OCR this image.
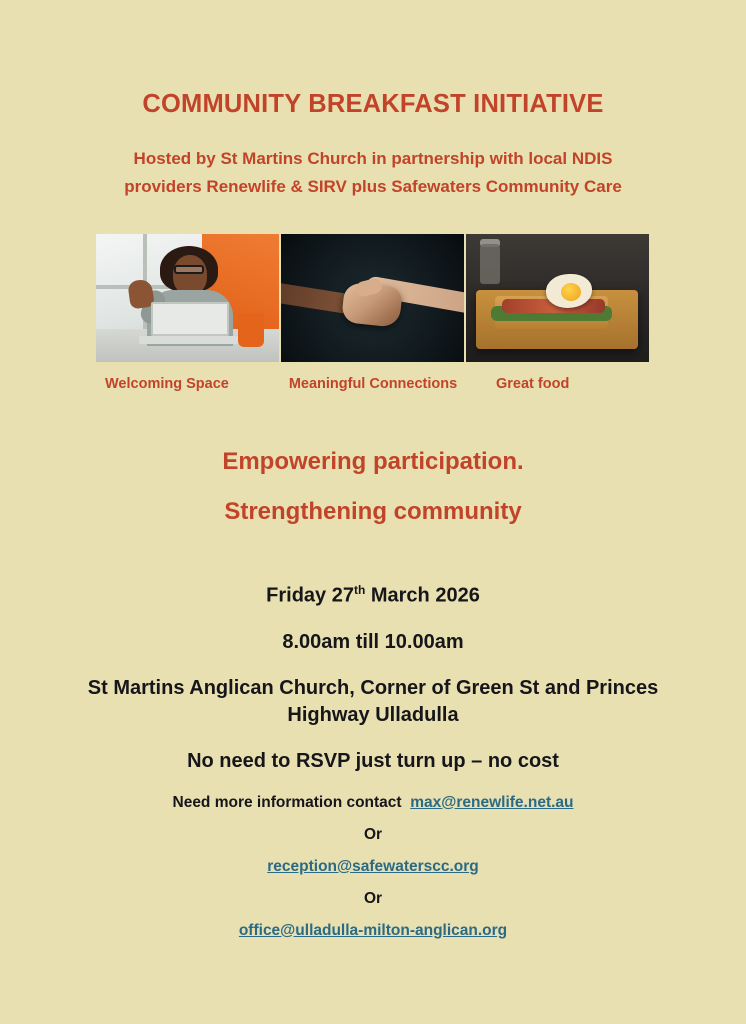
COMMUNITY BREAKFAST INITIATIVE

Hosted by St Martins Church in partnership with local NDIS providers Renewlife & SIRV plus Safewaters Community Care

Welcoming Space	Meaningful Connections	Great food

Empowering participation.

Strengthening community

Friday 27th March 2026

8.00am till 10.00am

St Martins Anglican Church, Corner of Green St and Princes Highway Ulladulla

No need to RSVP just turn up – no cost

Need more information contact max@renewlife.net.au

Or

reception@safewaterscc.org

Or

office@ulladulla-milton-anglican.org
